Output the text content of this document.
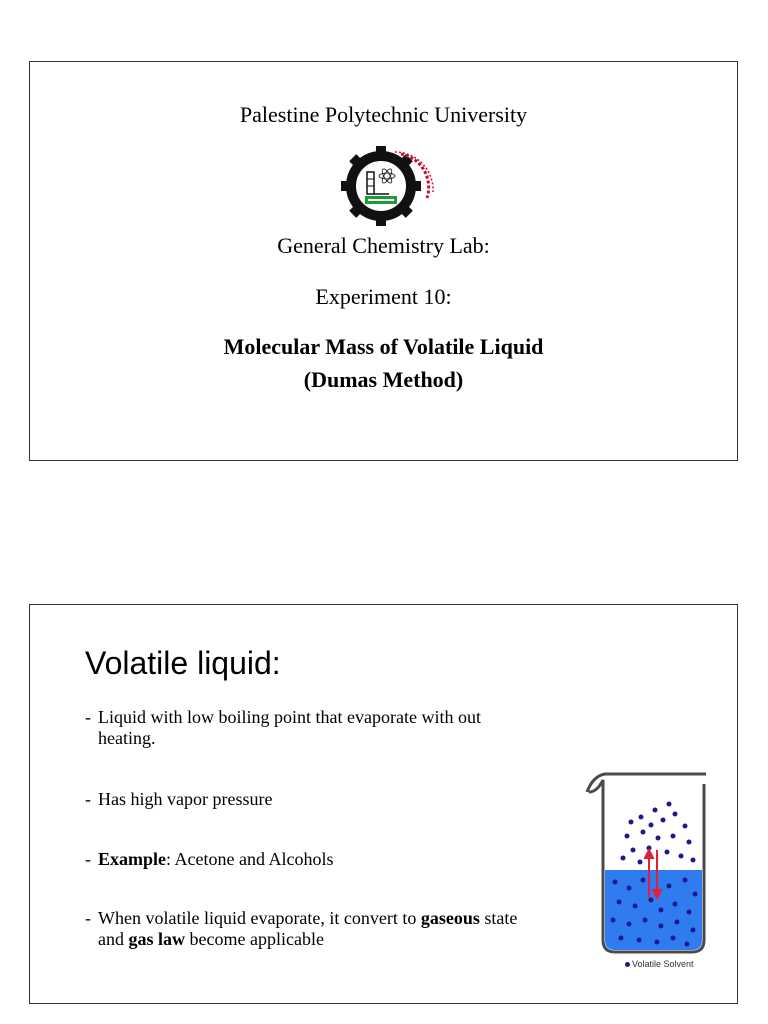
Palestine Polytechnic University
General Chemistry Lab:
Experiment 10:
Molecular Mass of Volatile Liquid
(Dumas Method)
Volatile liquid:
- Liquid with low boiling point that evaporate with out
heating.
- Has high vapor pressure
- Example: Acetone and Alcohols
- When volatile liquid evaporate, it convert to gaseous state
and gas law become applicable
Volatile Solvent
